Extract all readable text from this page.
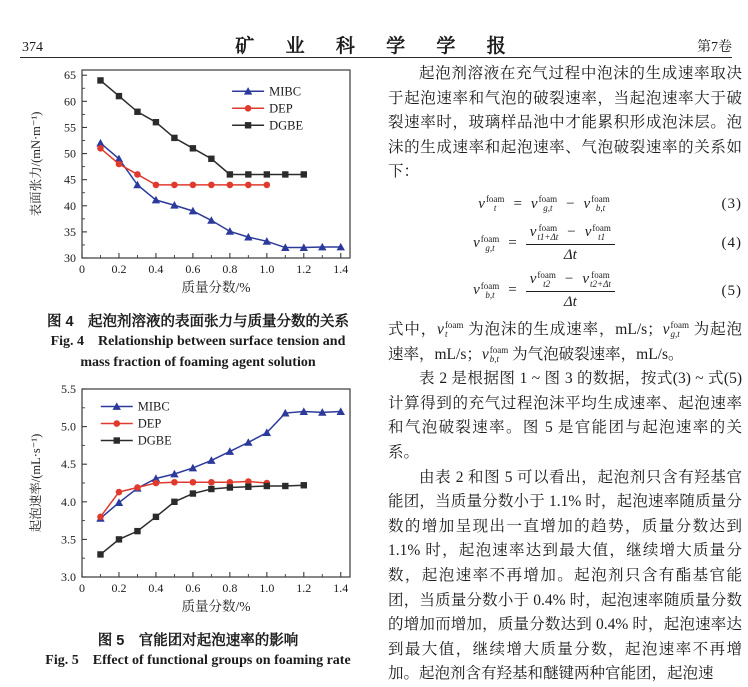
374	矿 业 科 学 学 报	第7卷
0 0.2 0.4 0.6 0.8 1.0 1.2 1.4
30
35
40
45
50
55
60
65
质量分数/%
表面张力/(mN·m⁻¹)
MIBC
DEP
DGBE
图 4　起泡剂溶液的表面张力与质量分数的关系
Fig. 4　Relationship between surface tension and
mass fraction of foaming agent solution
0 0.2 0.4 0.6 0.8 1.0 1.2 1.4
3.0
3.5
4.0
4.5
5.0
5.5
质量分数/%
起泡速率/(mL·s⁻¹)
MIBC
DEP
DGBE
图 5　官能团对起泡速率的影响
Fig. 5　Effect of functional groups on foaming rate

起泡剂溶液在充气过程中泡沫的生成速率取决于起泡速率和气泡的破裂速率，当起泡速率大于破裂速率时，玻璃样品池中才能累积形成泡沫层。泡沫的生成速率和起泡速率、气泡破裂速率的关系如下：

v foam
t	= v foam
g,t − v foam
b,t	(3)
v foam
g,t = v foam
t1+Δt − v foam
t1
Δt	(4)
v foam
b,t = v foam
t2 − v foam
t2+Δt
Δt	(5)

式中， v foam
t	为泡沫的生成速率，mL/s； v foam
g,t 为起泡速率，mL/s； v foam
b,t 为气泡破裂速率，mL/s。

表 2 是根据图 1 ~ 图 3 的数据，按式(3) ~ 式(5)计算得到的充气过程泡沫平均生成速率、起泡速率和气泡破裂速率。图 5 是官能团与起泡速率的关系。

由表 2 和图 5 可以看出，起泡剂只含有羟基官能团，当质量分数小于 1.1% 时，起泡速率随质量分数的增加呈现出一直增加的趋势，质量分数达到 1.1% 时，起泡速率达到最大值，继续增大质量分数，起泡速率不再增加。起泡剂只含有酯基官能团，当质量分数小于 0.4% 时，起泡速率随质量分数的增加而增加，质量分数达到 0.4% 时，起泡速率达到最大值，继续增大质量分数，起泡速率不再增加。起泡剂含有羟基和醚键两种官能团，起泡速
